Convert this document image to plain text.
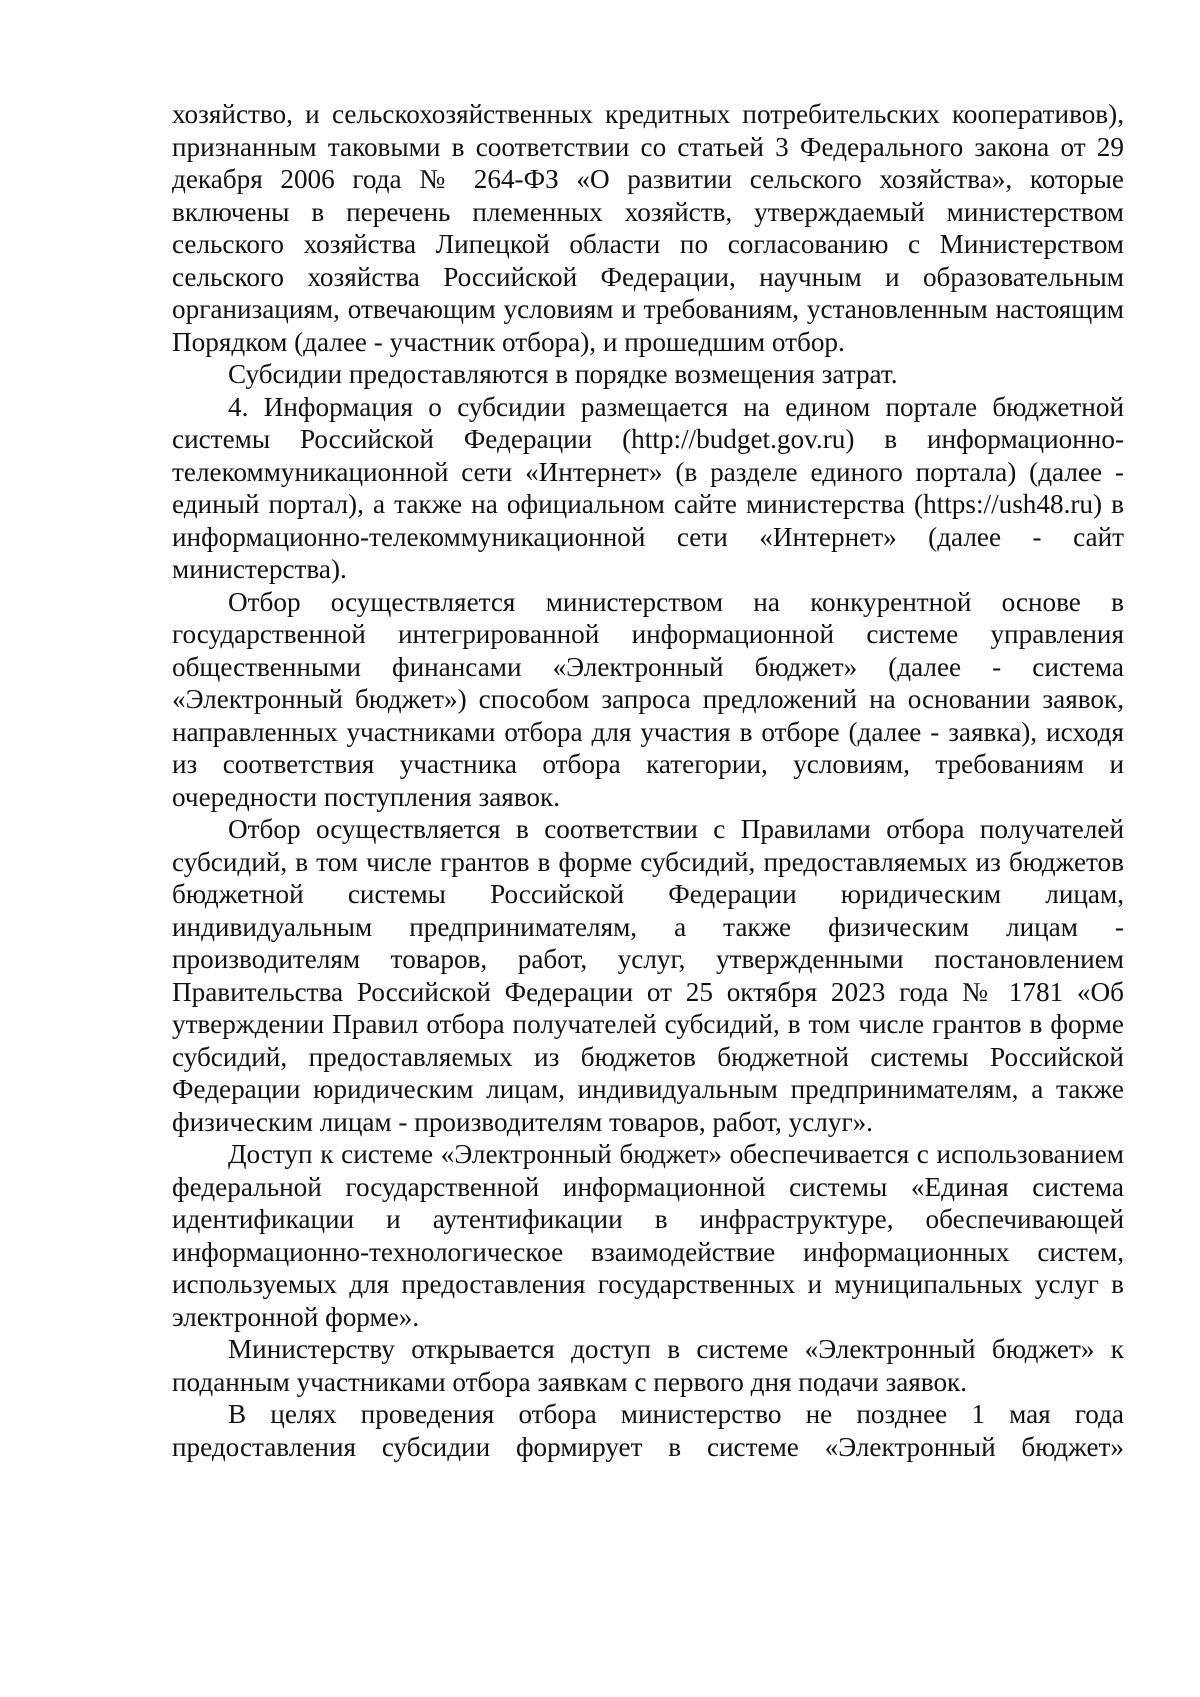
хозяйство, и сельскохозяйственных кредитных потребительских кооперативов), признанным таковыми в соответствии со статьей 3 Федерального закона от 29 декабря 2006 года № 264-ФЗ «О развитии сельского хозяйства», которые включены в перечень племенных хозяйств, утверждаемый министерством сельского хозяйства Липецкой области по согласованию с Министерством сельского хозяйства Российской Федерации, научным и образовательным организациям, отвечающим условиям и требованиям, установленным настоящим Порядком (далее - участник отбора), и прошедшим отбор.

Субсидии предоставляются в порядке возмещения затрат.

4. Информация о субсидии размещается на едином портале бюджетной системы Российской Федерации (http://budget.gov.ru) в информационно-телекоммуникационной сети «Интернет» (в разделе единого портала) (далее - единый портал), а также на официальном сайте министерства (https://ush48.ru) в информационно-телекоммуникационной сети «Интернет» (далее - сайт министерства).

Отбор осуществляется министерством на конкурентной основе в государственной интегрированной информационной системе управления общественными финансами «Электронный бюджет» (далее - система «Электронный бюджет») способом запроса предложений на основании заявок, направленных участниками отбора для участия в отборе (далее - заявка), исходя из соответствия участника отбора категории, условиям, требованиям и очередности поступления заявок.

Отбор осуществляется в соответствии с Правилами отбора получателей субсидий, в том числе грантов в форме субсидий, предоставляемых из бюджетов бюджетной системы Российской Федерации юридическим лицам, индивидуальным предпринимателям, а также физическим лицам - производителям товаров, работ, услуг, утвержденными постановлением Правительства Российской Федерации от 25 октября 2023 года № 1781 «Об утверждении Правил отбора получателей субсидий, в том числе грантов в форме субсидий, предоставляемых из бюджетов бюджетной системы Российской Федерации юридическим лицам, индивидуальным предпринимателям, а также физическим лицам - производителям товаров, работ, услуг».

Доступ к системе «Электронный бюджет» обеспечивается с использованием федеральной государственной информационной системы «Единая система идентификации и аутентификации в инфраструктуре, обеспечивающей информационно-технологическое взаимодействие информационных систем, используемых для предоставления государственных и муниципальных услуг в электронной форме».

Министерству открывается доступ в системе «Электронный бюджет» к поданным участниками отбора заявкам с первого дня подачи заявок.

В целях проведения отбора министерство не позднее 1 мая года предоставления субсидии формирует в системе «Электронный бюджет»
